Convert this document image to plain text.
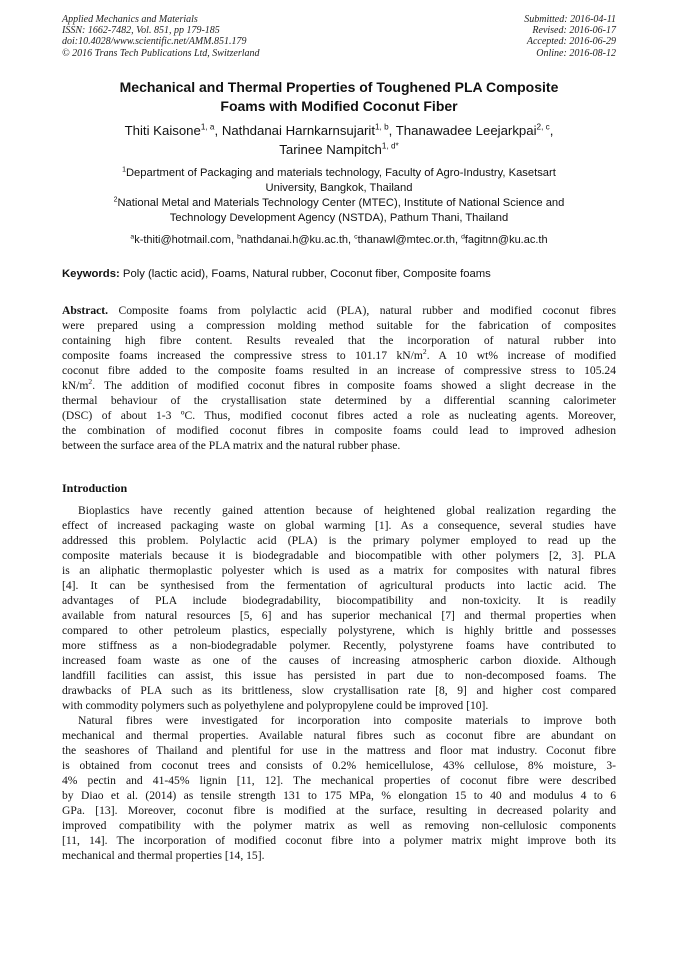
Applied Mechanics and Materials
ISSN: 1662-7482, Vol. 851, pp 179-185
doi:10.4028/www.scientific.net/AMM.851.179
© 2016 Trans Tech Publications Ltd, Switzerland
Submitted: 2016-04-11
Revised: 2016-06-17
Accepted: 2016-06-29
Online: 2016-08-12
Mechanical and Thermal Properties of Toughened PLA Composite
Foams with Modified Coconut Fiber
Thiti Kaisone$^{1, a}$, Nathdanai Harnkarnsujarit$^{1, b}$, Thanawadee Leejarkpai$^{2, c}$,
Tarinee Nampitch$^{1, d*}$
$^1$Department of Packaging and materials technology, Faculty of Agro-Industry, Kasetsart
University, Bangkok, Thailand
$^2$National Metal and Materials Technology Center (MTEC), Institute of National Science and
Technology Development Agency (NSTDA), Pathum Thani, Thailand
$^a$k-thiti@hotmail.com, $^b$nathdanai.h@ku.ac.th, $^c$thanawl@mtec.or.th, $^d$fagitnn@ku.ac.th
Keywords: Poly (lactic acid), Foams, Natural rubber, Coconut fiber, Composite foams
Abstract. Composite foams from polylactic acid (PLA), natural rubber and modified coconut fibres
were prepared using a compression molding method suitable for the fabrication of composites
containing high fibre content. Results revealed that the incorporation of natural rubber into
composite foams increased the compressive stress to 101.17 $kN/m^2$. A 10 wt% increase of modified
coconut fibre added to the composite foams resulted in an increase of compressive stress to 105.24
$kN/m^2$. The addition of modified coconut fibres in composite foams showed a slight decrease in the
thermal behaviour of the crystallisation state determined by a differential scanning calorimeter
(DSC) of about 1-3 ºC. Thus, modified coconut fibres acted a role as nucleating agents. Moreover,
the combination of modified coconut fibres in composite foams could lead to improved adhesion
between the surface area of the PLA matrix and the natural rubber phase.
Introduction
Bioplastics have recently gained attention because of heightened global realization regarding the
effect of increased packaging waste on global warming [1]. As a consequence, several studies have
addressed this problem. Polylactic acid (PLA) is the primary polymer employed to read up the
composite materials because it is biodegradable and biocompatible with other polymers [2, 3]. PLA
is an aliphatic thermoplastic polyester which is used as a matrix for composites with natural fibres
[4]. It can be synthesised from the fermentation of agricultural products into lactic acid. The
advantages of PLA include biodegradability, biocompatibility and non-toxicity. It is readily
available from natural resources [5, 6] and has superior mechanical [7] and thermal properties when
compared to other petroleum plastics, especially polystyrene, which is highly brittle and possesses
more stiffness as a non-biodegradable polymer. Recently, polystyrene foams have contributed to
increased foam waste as one of the causes of increasing atmospheric carbon dioxide. Although
landfill facilities can assist, this issue has persisted in part due to non-decomposed foams. The
drawbacks of PLA such as its brittleness, slow crystallisation rate [8, 9] and higher cost compared
with commodity polymers such as polyethylene and polypropylene could be improved [10].
Natural fibres were investigated for incorporation into composite materials to improve both
mechanical and thermal properties. Available natural fibres such as coconut fibre are abundant on
the seashores of Thailand and plentiful for use in the mattress and floor mat industry. Coconut fibre
is obtained from coconut trees and consists of 0.2% hemicellulose, 43% cellulose, 8% moisture, 3-
4% pectin and 41-45% lignin [11, 12]. The mechanical properties of coconut fibre were described
by Diao et al. (2014) as tensile strength 131 to 175 MPa, % elongation 15 to 40 and modulus 4 to 6
GPa. [13]. Moreover, coconut fibre is modified at the surface, resulting in decreased polarity and
improved compatibility with the polymer matrix as well as removing non-cellulosic components
[11, 14]. The incorporation of modified coconut fibre into a polymer matrix might improve both its
mechanical and thermal properties [14, 15].
